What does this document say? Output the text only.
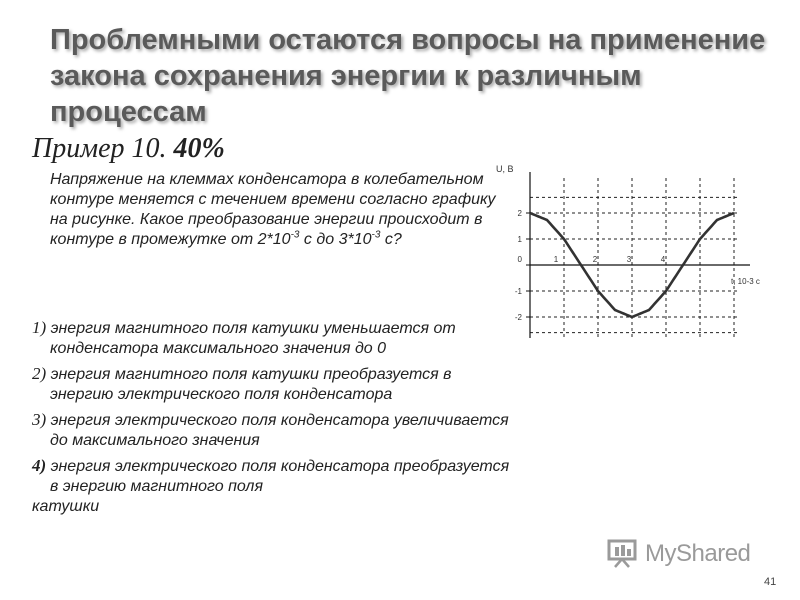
Проблемными остаются вопросы на применение закона сохранения энергии к различным процессам
Пример 10. 40%
Напряжение на клеммах конденсатора в колебательном контуре меняется с течением времени согласно графику на рисунке. Какое преобразование энергии происходит в контуре в промежутке от $2*10^{-3}$ с до $3*10^{-3}$ с?
1) энергия магнитного поля катушки уменьшается от конденсатора максимального значения до 0
2) энергия магнитного поля катушки преобразуется в энергию электрического поля конденсатора
3) энергия электрического поля конденсатора увеличивается до максимального значения
4) энергия электрического поля конденсатора преобразуется в энергию магнитного поля
катушки
U, В
t, 10-3 с
2
1
0
-1
-2
1	2	3	4
MyShared
41
